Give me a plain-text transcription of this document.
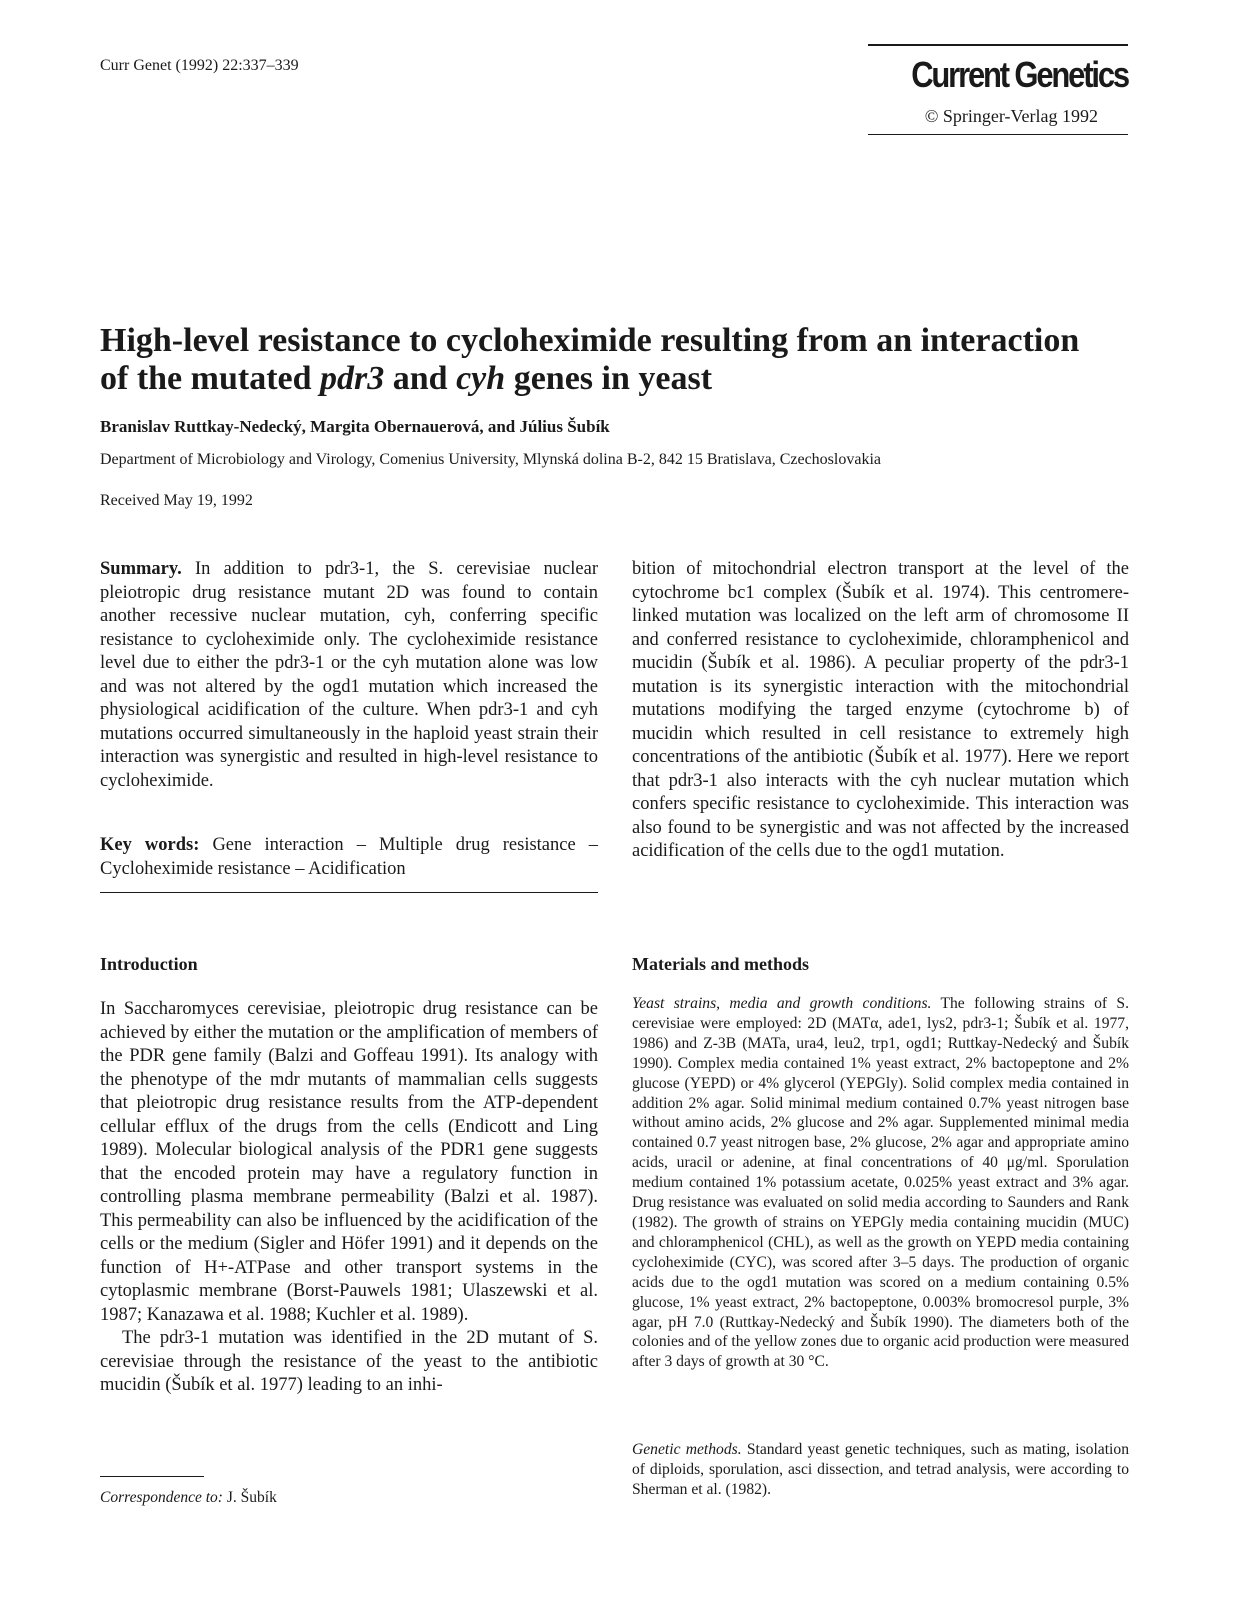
Curr Genet (1992) 22:337–339	Current Genetics
© Springer-Verlag 1992
High-level resistance to cycloheximide resulting from an interaction
of the mutated pdr3 and cyh genes in yeast
Branislav Ruttkay-Nedecký, Margita Obernauerová, and Július Šubík
Department of Microbiology and Virology, Comenius University, Mlynská dolina B-2, 842 15 Bratislava, Czechoslovakia
Received May 19, 1992

Summary. In addition to pdr3-1, the S. cerevisiae nuclear pleiotropic drug resistance mutant 2D was found to contain another recessive nuclear mutation, cyh, conferring specific resistance to cycloheximide only. The cycloheximide resistance level due to either the pdr3-1 or the cyh mutation alone was low and was not altered by the ogd1 mutation which increased the physiological acidification of the culture. When pdr3-1 and cyh mutations occurred simultaneously in the haploid yeast strain their interaction was synergistic and resulted in high-level resistance to cycloheximide.

Key words: Gene interaction – Multiple drug resistance – Cycloheximide resistance – Acidification

bition of mitochondrial electron transport at the level of the cytochrome bc1 complex (Šubík et al. 1974). This centromere-linked mutation was localized on the left arm of chromosome II and conferred resistance to cycloheximide, chloramphenicol and mucidin (Šubík et al. 1986). A peculiar property of the pdr3-1 mutation is its synergistic interaction with the mitochondrial mutations modifying the targed enzyme (cytochrome b) of mucidin which resulted in cell resistance to extremely high concentrations of the antibiotic (Šubík et al. 1977). Here we report that pdr3-1 also interacts with the cyh nuclear mutation which confers specific resistance to cycloheximide. This interaction was also found to be synergistic and was not affected by the increased acidification of the cells due to the ogd1 mutation.

Introduction

In Saccharomyces cerevisiae, pleiotropic drug resistance can be achieved by either the mutation or the amplification of members of the PDR gene family (Balzi and Goffeau 1991). Its analogy with the phenotype of the mdr mutants of mammalian cells suggests that pleiotropic drug resistance results from the ATP-dependent cellular efflux of the drugs from the cells (Endicott and Ling 1989). Molecular biological analysis of the PDR1 gene suggests that the encoded protein may have a regulatory function in controlling plasma membrane permeability (Balzi et al. 1987). This permeability can also be influenced by the acidification of the cells or the medium (Sigler and Höfer 1991) and it depends on the function of H+-ATPase and other transport systems in the cytoplasmic membrane (Borst-Pauwels 1981; Ulaszewski et al. 1987; Kanazawa et al. 1988; Kuchler et al. 1989).

The pdr3-1 mutation was identified in the 2D mutant of S. cerevisiae through the resistance of the yeast to the antibiotic mucidin (Šubík et al. 1977) leading to an inhi-

Materials and methods

Yeast strains, media and growth conditions. The following strains of S. cerevisiae were employed: 2D (MATα, ade1, lys2, pdr3-1; Šubík et al. 1977, 1986) and Z-3B (MATa, ura4, leu2, trp1, ogd1; Ruttkay-Nedecký and Šubík 1990). Complex media contained 1% yeast extract, 2% bactopeptone and 2% glucose (YEPD) or 4% glycerol (YEPGly). Solid complex media contained in addition 2% agar. Solid minimal medium contained 0.7% yeast nitrogen base without amino acids, 2% glucose and 2% agar. Supplemented minimal media contained 0.7 yeast nitrogen base, 2% glucose, 2% agar and appropriate amino acids, uracil or adenine, at final concentrations of 40 μg/ml. Sporulation medium contained 1% potassium acetate, 0.025% yeast extract and 3% agar. Drug resistance was evaluated on solid media according to Saunders and Rank (1982). The growth of strains on YEPGly media containing mucidin (MUC) and chloramphenicol (CHL), as well as the growth on YEPD media containing cycloheximide (CYC), was scored after 3–5 days. The production of organic acids due to the ogd1 mutation was scored on a medium containing 0.5% glucose, 1% yeast extract, 2% bactopeptone, 0.003% bromocresol purple, 3% agar, pH 7.0 (Ruttkay-Nedecký and Šubík 1990). The diameters both of the colonies and of the yellow zones due to organic acid production were measured after 3 days of growth at 30 °C.

Genetic methods. Standard yeast genetic techniques, such as mating, isolation of diploids, sporulation, asci dissection, and tetrad analysis, were according to Sherman et al. (1982).

Correspondence to: J. Šubík
